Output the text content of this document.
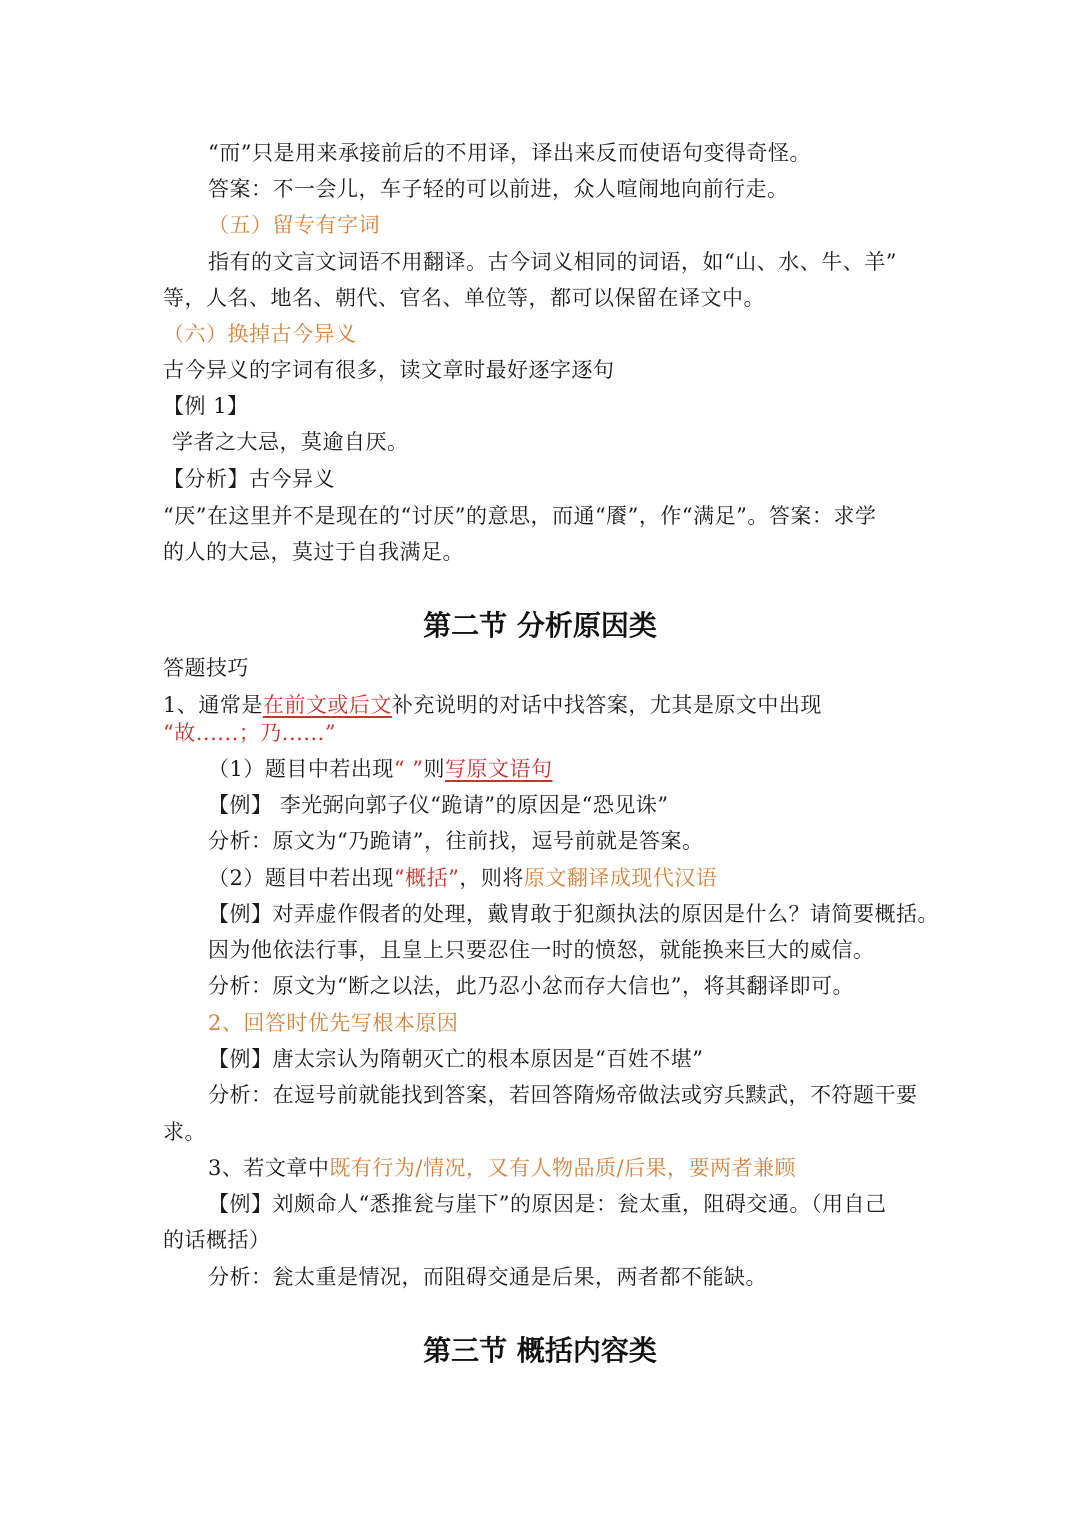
“而”只是用来承接前后的不用译，译出来反而使语句变得奇怪。
答案：不一会儿，车子轻的可以前进，众人喧闹地向前行走。
（五）留专有字词
指有的文言文词语不用翻译。古今词义相同的词语，如“山、水、牛、羊”
等，人名、地名、朝代、官名、单位等，都可以保留在译文中。
（六）换掉古今异义
古今异义的字词有很多，读文章时最好逐字逐句
【例 1】
学者之大忌，莫逾自厌。
【分析】古今异义
“厌”在这里并不是现在的“讨厌”的意思，而通“餍”，作“满足”。答案：求学
的人的大忌，莫过于自我满足。
第二节 分析原因类
答题技巧
1、通常是在前文或后文补充说明的对话中找答案，尤其是原文中出现
“故......；乃......”
（1）题目中若出现“ ”则写原文语句
【例】 李光弼向郭子仪“跪请”的原因是“恐见诛”
分析：原文为“乃跪请”，往前找，逗号前就是答案。
（2）题目中若出现“概括”，则将原文翻译成现代汉语
【例】对弄虚作假者的处理，戴胄敢于犯颜执法的原因是什么？请简要概括。
因为他依法行事，且皇上只要忍住一时的愤怒，就能换来巨大的威信。
分析：原文为“断之以法，此乃忍小忿而存大信也”，将其翻译即可。
2、回答时优先写根本原因
【例】唐太宗认为隋朝灭亡的根本原因是“百姓不堪”
分析：在逗号前就能找到答案，若回答隋炀帝做法或穷兵黩武，不符题干要
求。
3、若文章中既有行为/情况，又有人物品质/后果，要两者兼顾
【例】刘颇命人“悉推瓮与崖下”的原因是：瓮太重，阻碍交通。（用自己
的话概括）
分析：瓮太重是情况，而阻碍交通是后果，两者都不能缺。
第三节 概括内容类
